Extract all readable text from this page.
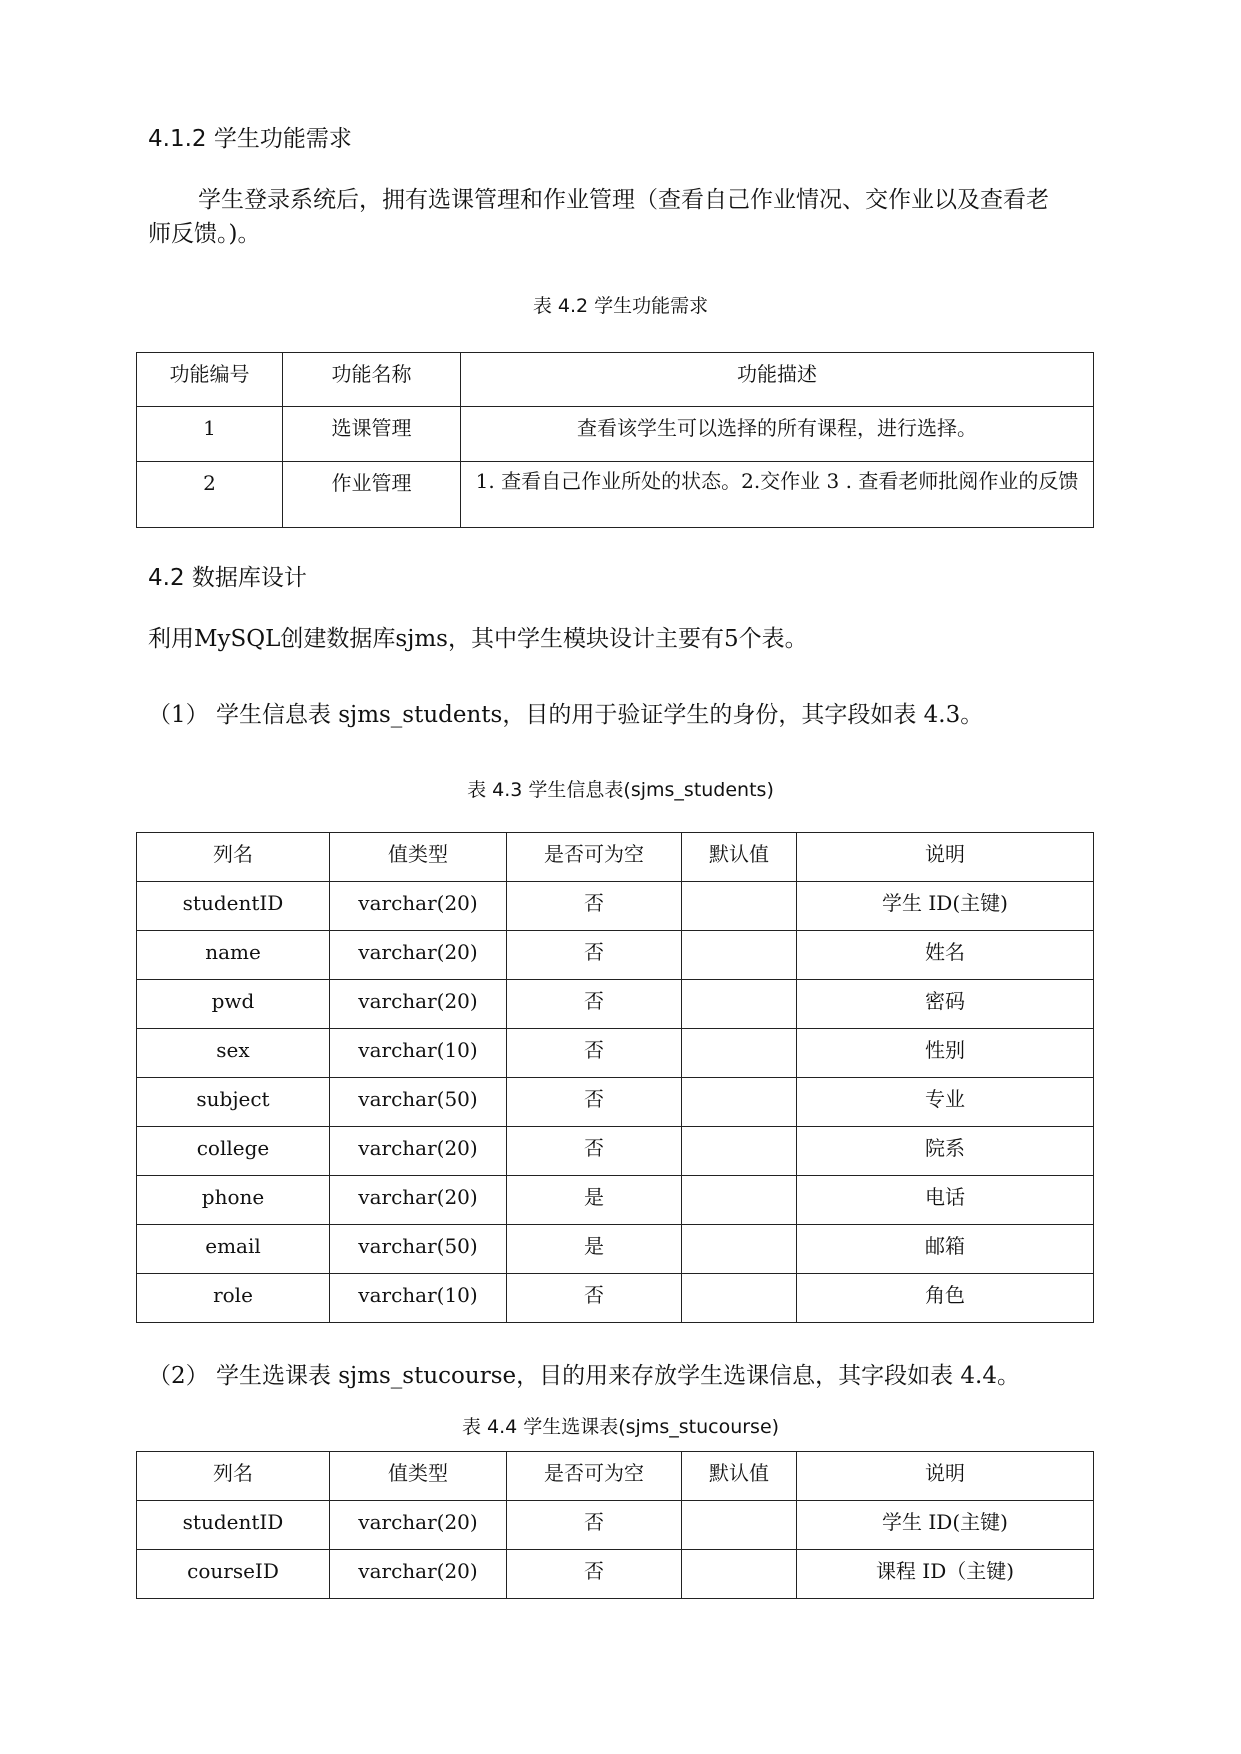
4.1.2 学生功能需求
学生登录系统后，拥有选课管理和作业管理（查看自己作业情况、交作业以及查看老
师反馈。)。
表 4.2 学生功能需求
功能编号	功能名称	功能描述
1	选课管理	查看该学生可以选择的所有课程，进行选择。
2	作业管理	1. 查看自己作业所处的状态。2.交作业 3 . 查看老师批阅作业的反馈
4.2 数据库设计
利用MySQL创建数据库sjms，其中学生模块设计主要有5个表。
（1） 学生信息表 sjms_students，目的用于验证学生的身份，其字段如表 4.3。
表 4.3 学生信息表(sjms_students)
列名	值类型	是否可为空	默认值	说明
studentID	varchar(20)	否		学生 ID(主键)
name	varchar(20)	否		姓名
pwd	varchar(20)	否		密码
sex	varchar(10)	否		性别
subject	varchar(50)	否		专业
college	varchar(20)	否		院系
phone	varchar(20)	是		电话
email	varchar(50)	是		邮箱
role	varchar(10)	否		角色
（2） 学生选课表 sjms_stucourse，目的用来存放学生选课信息，其字段如表 4.4。
表 4.4 学生选课表(sjms_stucourse)
列名	值类型	是否可为空	默认值	说明
studentID	varchar(20)	否		学生 ID(主键)
courseID	varchar(20)	否		课程 ID（主键)
